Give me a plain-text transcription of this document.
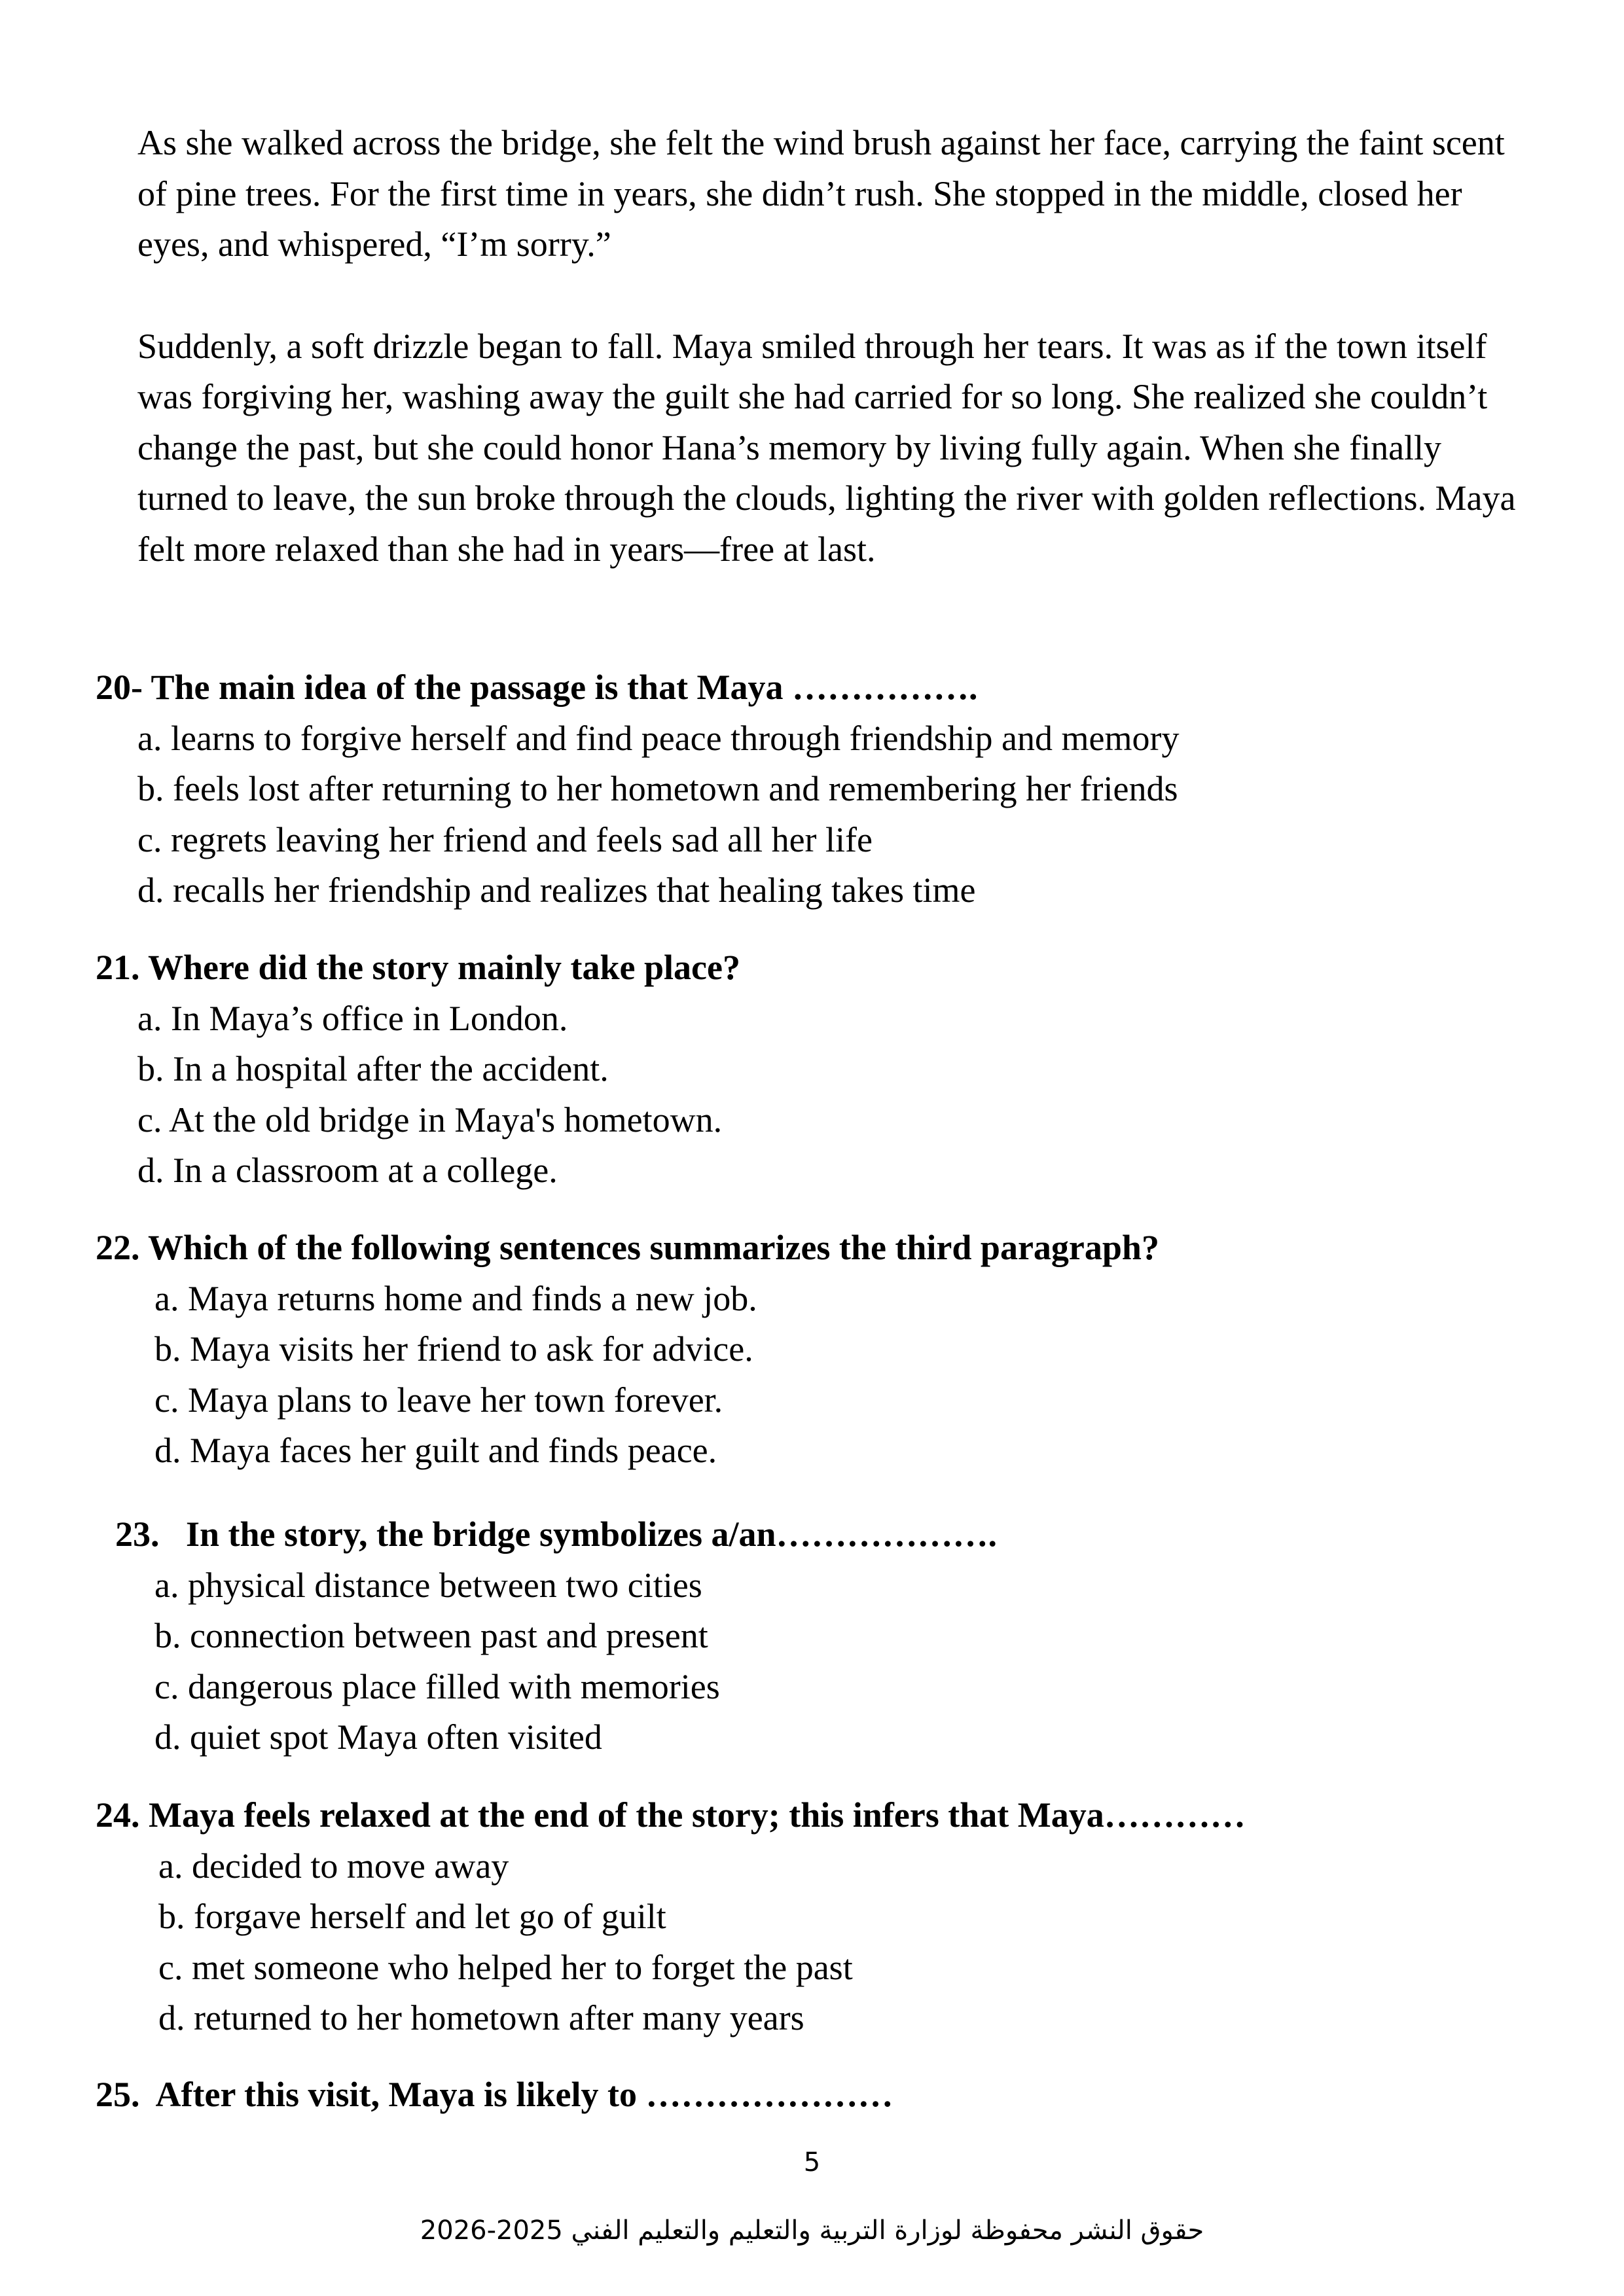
As she walked across the bridge, she felt the wind brush against her face, carrying the faint scent of pine trees. For the first time in years, she didn’t rush. She stopped in the middle, closed her eyes, and whispered, “I’m sorry.”

Suddenly, a soft drizzle began to fall. Maya smiled through her tears. It was as if the town itself was forgiving her, washing away the guilt she had carried for so long. She realized she couldn’t change the past, but she could honor Hana’s memory by living fully again. When she finally turned to leave, the sun broke through the clouds, lighting the river with golden reflections. Maya felt more relaxed than she had in years—free at last.

20- The main idea of the passage is that Maya …………….
a. learns to forgive herself and find peace through friendship and memory
b. feels lost after returning to her hometown and remembering her friends
c. regrets leaving her friend and feels sad all her life
d. recalls her friendship and realizes that healing takes time
21. Where did the story mainly take place?
a. In Maya’s office in London.
b. In a hospital after the accident.
c. At the old bridge in Maya's hometown.
d. In a classroom at a college.
22. Which of the following sentences summarizes the third paragraph?
a. Maya returns home and finds a new job.
b. Maya visits her friend to ask for advice.
c. Maya plans to leave her town forever.
d. Maya faces her guilt and finds peace.
23.   In the story, the bridge symbolizes a/an……………….
a. physical distance between two cities
b. connection between past and present
c. dangerous place filled with memories
d. quiet spot Maya often visited
24. Maya feels relaxed at the end of the story; this infers that Maya…………
a. decided to move away
b. forgave herself and let go of guilt
c. met someone who helped her to forget the past
d. returned to her hometown after many years
25.  After this visit, Maya is likely to …………………
5
حقوق النشر محفوظة لوزارة التربية والتعليم والتعليم الفني 2025-2026
